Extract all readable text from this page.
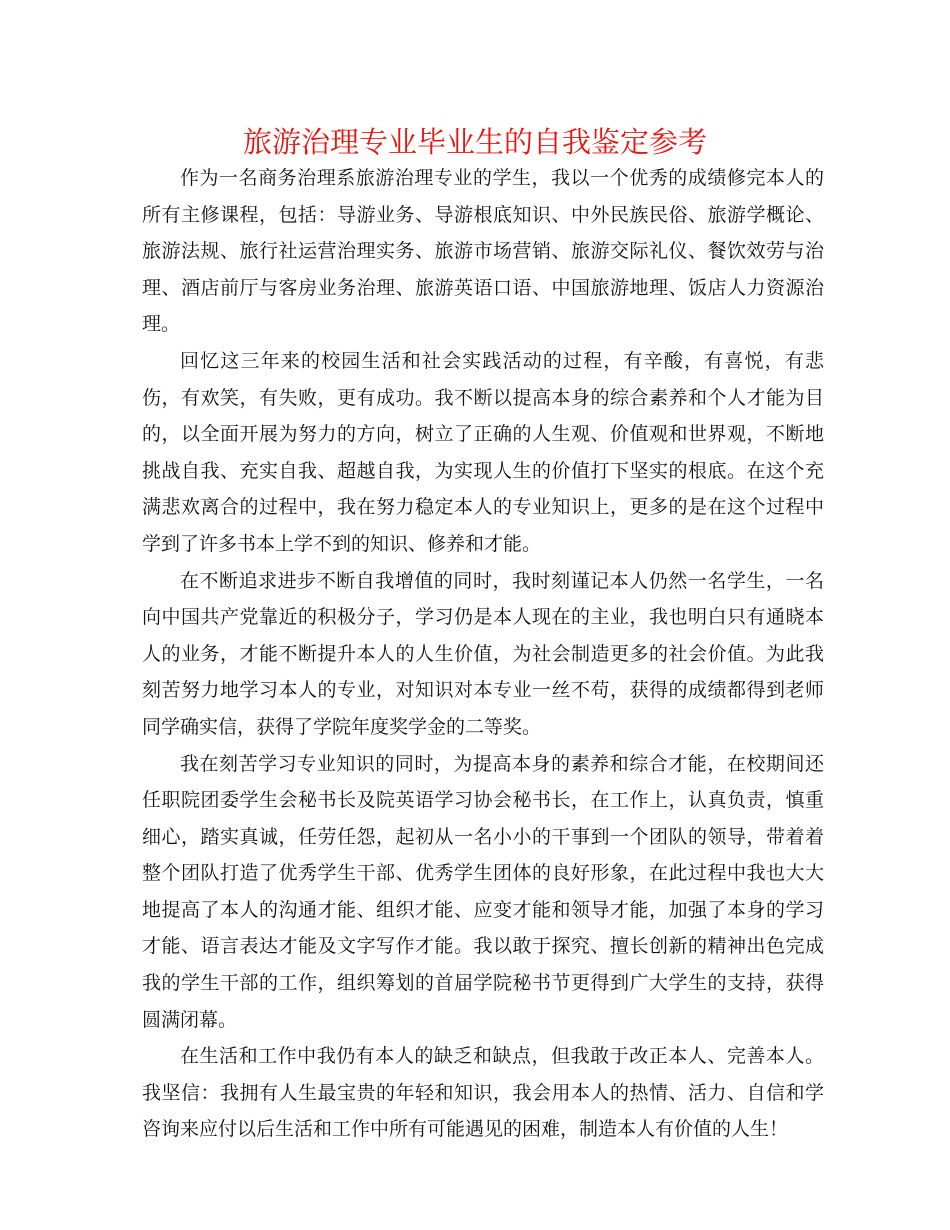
旅游治理专业毕业生的自我鉴定参考

作为一名商务治理系旅游治理专业的学生，我以一个优秀的成绩修完本人的所有主修课程，包括：导游业务、导游根底知识、中外民族民俗、旅游学概论、旅游法规、旅行社运营治理实务、旅游市场营销、旅游交际礼仪、餐饮效劳与治理、酒店前厅与客房业务治理、旅游英语口语、中国旅游地理、饭店人力资源治理。

回忆这三年来的校园生活和社会实践活动的过程，有辛酸，有喜悦，有悲伤，有欢笑，有失败，更有成功。我不断以提高本身的综合素养和个人才能为目的，以全面开展为努力的方向，树立了正确的人生观、价值观和世界观，不断地挑战自我、充实自我、超越自我，为实现人生的价值打下坚实的根底。在这个充满悲欢离合的过程中，我在努力稳定本人的专业知识上，更多的是在这个过程中学到了许多书本上学不到的知识、修养和才能。

在不断追求进步不断自我增值的同时，我时刻谨记本人仍然一名学生，一名向中国共产党靠近的积极分子，学习仍是本人现在的主业，我也明白只有通晓本人的业务，才能不断提升本人的人生价值，为社会制造更多的社会价值。为此我刻苦努力地学习本人的专业，对知识对本专业一丝不苟，获得的成绩都得到老师同学确实信，获得了学院年度奖学金的二等奖。

我在刻苦学习专业知识的同时，为提高本身的素养和综合才能，在校期间还任职院团委学生会秘书长及院英语学习协会秘书长，在工作上，认真负责，慎重细心，踏实真诚，任劳任怨，起初从一名小小的干事到一个团队的领导，带着着整个团队打造了优秀学生干部、优秀学生团体的良好形象，在此过程中我也大大地提高了本人的沟通才能、组织才能、应变才能和领导才能，加强了本身的学习才能、语言表达才能及文字写作才能。我以敢于探究、擅长创新的精神出色完成我的学生干部的工作，组织筹划的首届学院秘书节更得到广大学生的支持，获得圆满闭幕。

在生活和工作中我仍有本人的缺乏和缺点，但我敢于改正本人、完善本人。我坚信：我拥有人生最宝贵的年轻和知识，我会用本人的热情、活力、自信和学咨询来应付以后生活和工作中所有可能遇见的困难，制造本人有价值的人生！
